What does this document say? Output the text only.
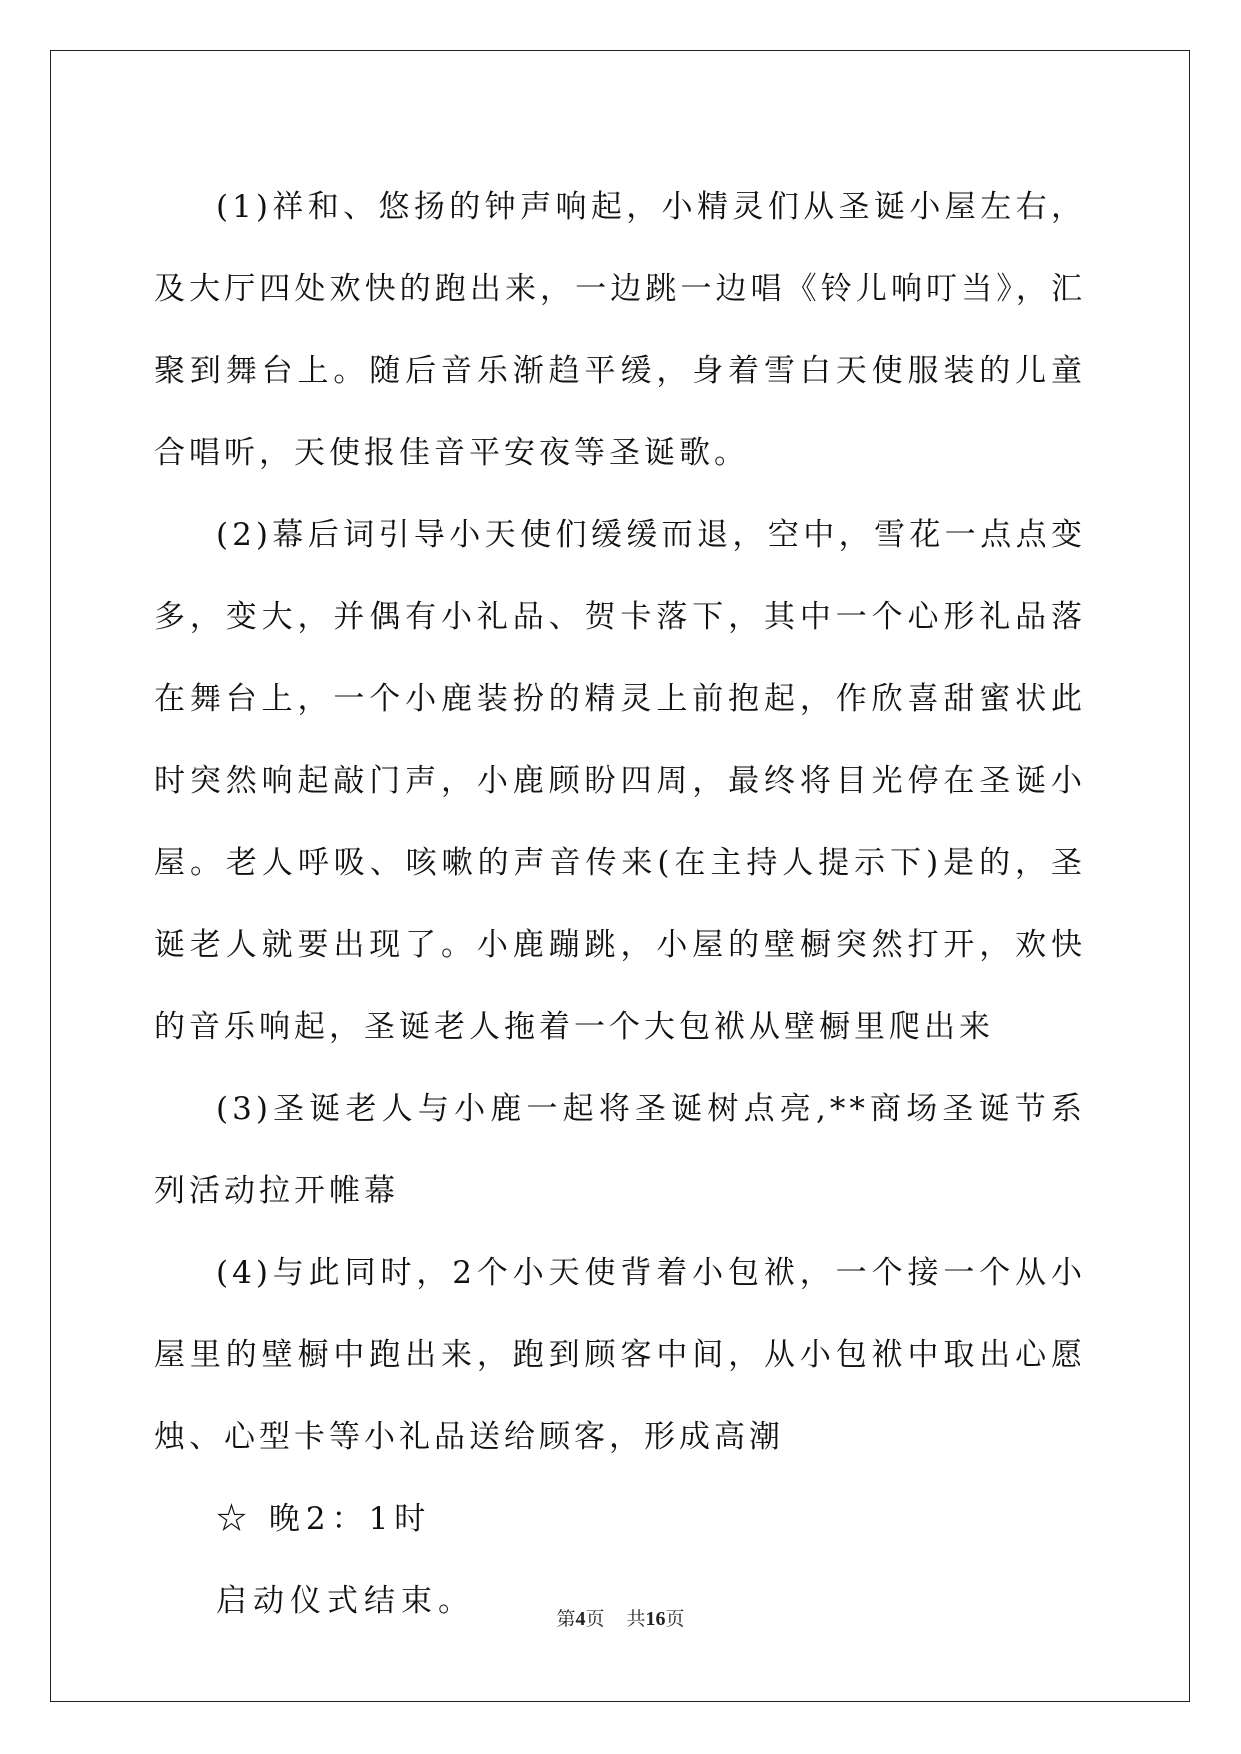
(1)祥和、悠扬的钟声响起，小精灵们从圣诞小屋左右，及大厅四处欢快的跑出来，一边跳一边唱《铃儿响叮当》，汇聚到舞台上。随后音乐渐趋平缓，身着雪白天使服装的儿童合唱听，天使报佳音平安夜等圣诞歌。

(2)幕后词引导小天使们缓缓而退，空中，雪花一点点变多，变大，并偶有小礼品、贺卡落下，其中一个心形礼品落在舞台上，一个小鹿装扮的精灵上前抱起，作欣喜甜蜜状此时突然响起敲门声，小鹿顾盼四周，最终将目光停在圣诞小屋。老人呼吸、咳嗽的声音传来(在主持人提示下)是的，圣诞老人就要出现了。小鹿蹦跳，小屋的壁橱突然打开，欢快的音乐响起，圣诞老人拖着一个大包袱从壁橱里爬出来

(3)圣诞老人与小鹿一起将圣诞树点亮,**商场圣诞节系列活动拉开帷幕

(4)与此同时，2个小天使背着小包袱，一个接一个从小屋里的壁橱中跑出来，跑到顾客中间，从小包袱中取出心愿烛、心型卡等小礼品送给顾客，形成高潮

☆ 晚2：1时

启动仪式结束。	第4页 共16页
